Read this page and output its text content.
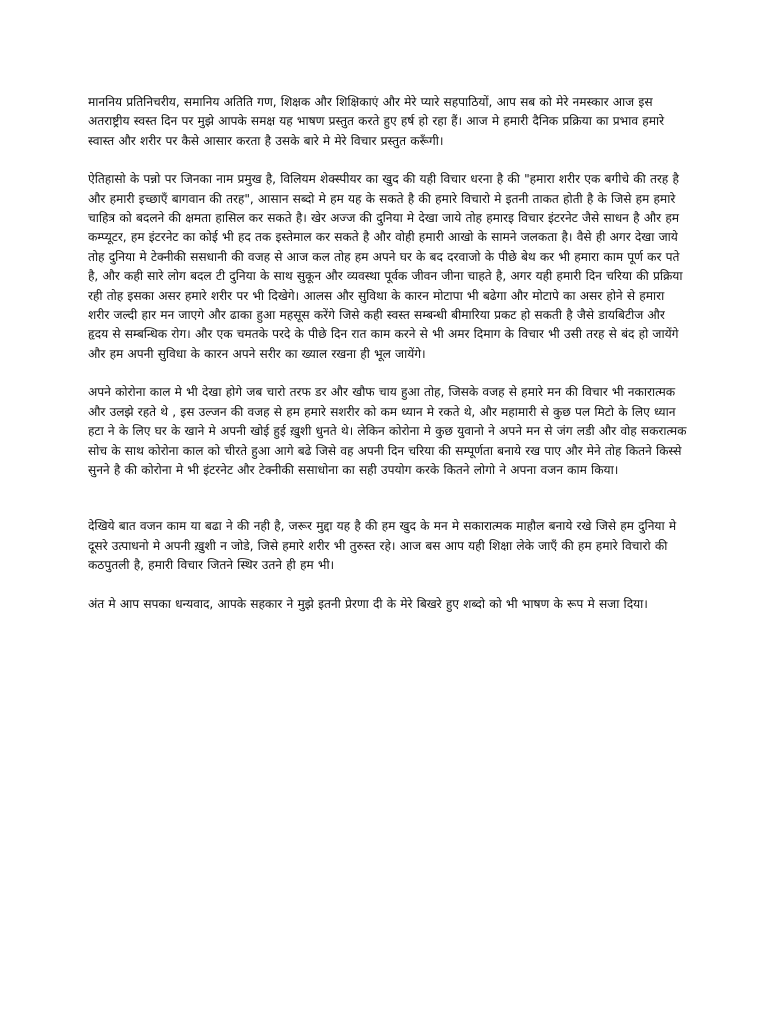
माननिय प्रतिनिचरीय, समानिय अतिति गण, शिक्षक और शिक्षिकाएं और मेरे प्यारे सहपाठियों, आप सब को मेरे नमस्कार आज इस अतराष्ट्रीय स्वस्त दिन पर मुझे आपके समक्ष यह भाषण प्रस्तुत करते हुए हर्ष हो रहा हैं। आज मे हमारी दैनिक प्रक्रिया का प्रभाव हमारे स्वास्त और शरीर पर कैसे आसार करता है उसके बारे मे मेरे विचार प्रस्तुत करूँगी।

ऐतिहासो के पन्नो पर जिनका नाम प्रमुख है, विलियम शेक्स्पीयर का खुद की यही विचार धरना है की "हमारा शरीर एक बगीचे की तरह है और हमारी इच्छाएँ बागवान की तरह", आसान सब्दो मे हम यह के सकते है की हमारे विचारो मे इतनी ताकत होती है के जिसे हम हमारे चाहित्र को बदलने की क्षमता हासिल कर सकते है। खेर अज्ज की दुनिया मे देखा जाये तोह हमारइ विचार इंटरनेट जैसे साधन है और हम कम्प्यूटर, हम इंटरनेट का कोई भी हद तक इस्तेमाल कर सकते है और वोही हमारी आखो के सामने जलकता है। वैसे ही अगर देखा जाये तोह दुनिया मे टेक्नीकी ससधानी की वजह से आज कल तोह हम अपने घर के बद दरवाजो के पीछे बेथ कर भी हमारा काम पूर्ण कर पते है, और कही सारे लोग बदल टी दुनिया के साथ सुकून और व्यवस्था पूर्वक जीवन जीना चाहते है, अगर यही हमारी दिन चरिया की प्रक्रिया रही तोह इसका असर हमारे शरीर पर भी दिखेगे। आलस और सुविथा के कारन मोटापा भी बढेगा और मोटापे का असर होने से हमारा शरीर जल्दी हार मन जाएगे और ढाका हुआ महसूस करेंगे जिसे कही स्वस्त सम्बन्धी बीमारिया प्रकट हो सकती है जैसे डायबिटीज और हृदय से सम्बन्धिक रोग। और एक चमतके परदे के पीछे दिन रात काम करने से भी अमर दिमाग के विचार भी उसी तरह से बंद हो जायेंगे और हम अपनी सुविधा के कारन अपने सरीर का ख्याल रखना ही भूल जायेंगे।

अपने कोरोना काल मे भी देखा होगे जब चारो तरफ डर और खौफ चाय हुआ तोह, जिसके वजह से हमारे मन की विचार भी नकारात्मक और उलझे रहते थे , इस उल्जन की वजह से हम हमारे सशरीर को कम ध्यान मे रकते थे, और महामारी से कुछ पल मिटो के लिए ध्यान हटा ने के लिए घर के खाने मे अपनी खोई हुई ख़ुशी धुनते थे। लेकिन कोरोना मे कुछ युवानो ने अपने मन से जंग लडी और वोह सकरात्मक सोच के साथ कोरोना काल को चीरते हुआ आगे बढे जिसे वह अपनी दिन चरिया की सम्पूर्णता बनाये रख पाए और मेने तोह कितने किस्से सुनने है की कोरोना मे भी इंटरनेट और टेक्नीकी ससाधोना का सही उपयोग करके कितने लोगो ने अपना वजन काम किया।

देखिये बात वजन काम या बढा ने की नही है, जरूर मुद्दा यह है की हम खुद के मन मे सकारात्मक माहौल बनाये रखे जिसे हम दुनिया मे दूसरे उत्पाधनो मे अपनी ख़ुशी न जोडे, जिसे हमारे शरीर भी तुरुस्त रहे। आज बस आप यही शिक्षा लेके जाएँ की हम हमारे विचारो की कठपुतली है, हमारी विचार जितने स्थिर उतने ही हम भी।

अंत मे आप सपका धन्यवाद, आपके सहकार ने मुझे इतनी प्रेरणा दी के मेरे बिखरे हुए शब्दो को भी भाषण के रूप मे सजा दिया।
